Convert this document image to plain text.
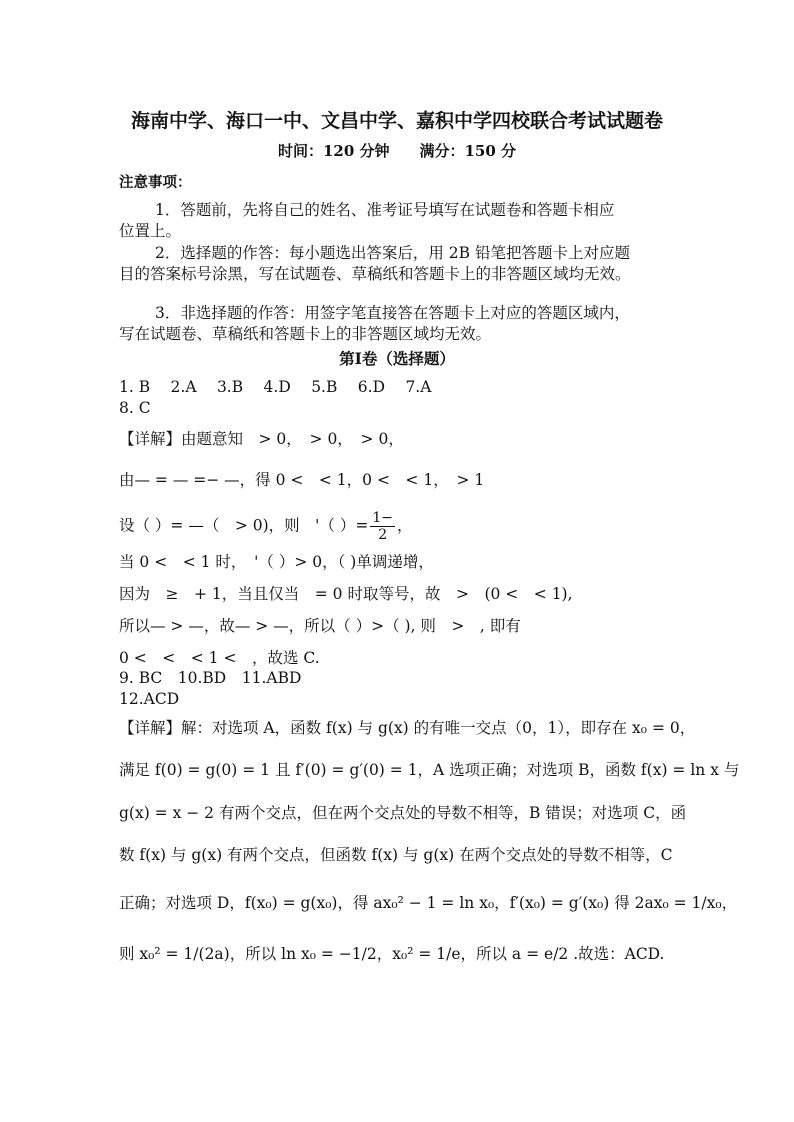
海南中学、海口一中、文昌中学、嘉积中学四校联合考试试题卷
时间：120 分钟　　满分：150 分
注意事项：
1．答题前，先将自己的姓名、准考证号填写在试题卷和答题卡相应
位置上。
2．选择题的作答：每小题选出答案后，用 2B 铅笔把答题卡上对应题
目的答案标号涂黑，写在试题卷、草稿纸和答题卡上的非答题区域均无效。
3．非选择题的作答：用签字笔直接答在答题卡上对应的答题区域内，
写在试题卷、草稿纸和答题卡上的非答题区域均无效。
第Ⅰ卷（选择题）
1. B　 2.A　 3.B　 4.D　 5.B　 6.D　 7.A
8. C
【详解】由题意知　> 0，　> 0，　> 0，
由— = — =− —，得 0 <　< 1，0 <　< 1，　> 1
设（ ）= —（　> 0)，则　'（ ）= $\frac{1-}{2}$ ，
当 0 <　< 1 时，　'（ ）> 0，（ )单调递增，
因为　≥　+ 1，当且仅当　= 0 时取等号，故　>　(0 <　< 1),
所以— > —，故— > —，所以（ ）>（ ), 则　>　, 即有
0 <　<　< 1 <　，故选 C.
9. BC　10.BD　11.ABD
12.ACD
【详解】解：对选项 A，函数 f(x) 与 g(x) 的有唯一交点（0，1），即存在 x₀ = 0，
满足 f(0) = g(0) = 1 且 f′(0) = g′(0) = 1，A 选项正确；对选项 B，函数 f(x) = ln x 与
g(x) = x − 2 有两个交点，但在两个交点处的导数不相等，B 错误；对选项 C，函
数 f(x) 与 g(x) 有两个交点，但函数 f(x) 与 g(x) 在两个交点处的导数不相等，C
正确；对选项 D，f(x₀) = g(x₀)，得 ax₀² − 1 = ln x₀，f′(x₀) = g′(x₀) 得 2ax₀ = 1/x₀，
则 x₀² = 1/(2a)，所以 ln x₀ = −1/2，x₀² = 1/e，所以 a = e/2 .故选：ACD.
